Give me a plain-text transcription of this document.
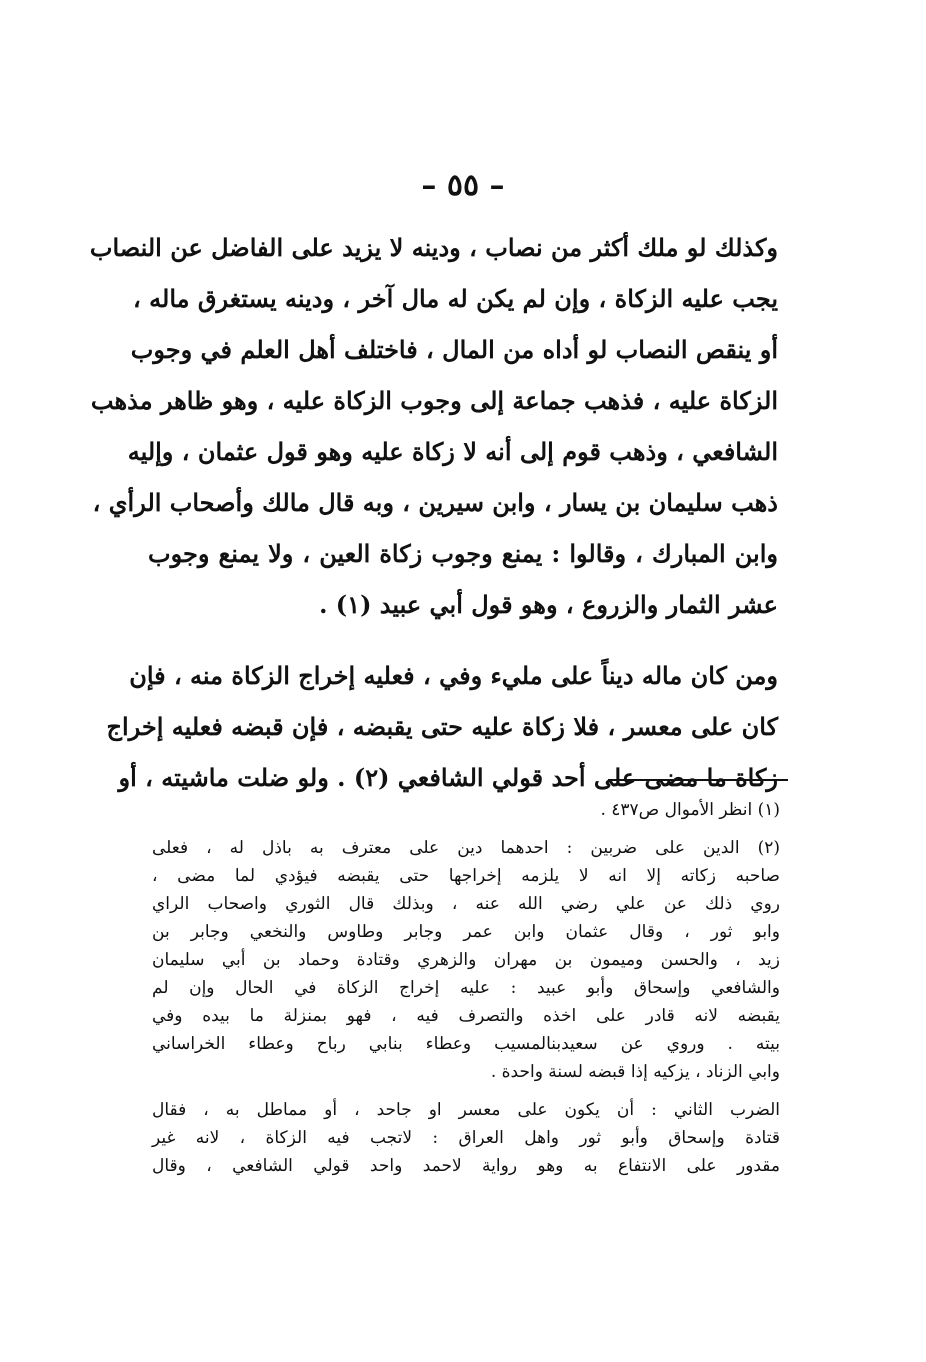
– ٥٥ –
وكذلك لو ملك أكثر من نصاب ، ودينه لا يزيد على الفاضل عن النصاب
يجب عليه الزكاة ، وإن لم يكن له مال آخر ، ودينه يستغرق ماله ،
أو ينقص النصاب لو أداه من المال ، فاختلف أهل العلم في وجوب
الزكاة عليه ، فذهب جماعة إلى وجوب الزكاة عليه ، وهو ظاهر مذهب
الشافعي ، وذهب قوم إلى أنه لا زكاة عليه وهو قول عثمان ، وإليه
ذهب سليمان بن يسار ، وابن سيرين ، وبه قال مالك وأصحاب الرأي ،
وابن المبارك ، وقالوا : يمنع وجوب زكاة العين ، ولا يمنع وجوب
عشر الثمار والزروع ، وهو قول أبي عبيد (١) .
ومن كان ماله ديناً على مليء وفي ، فعليه إخراج الزكاة منه ، فإن
كان على معسر ، فلا زكاة عليه حتى يقبضه ، فإن قبضه فعليه إخراج
زكاة ما مضى على أحد قولي الشافعي (٢) . ولو ضلت ماشيته ، أو
(١) انظر الأموال ص٤٣٧ .
(٢) الدين على ضربين : احدهما دين على معترف به باذل له ، فعلى
صاحبه زكاته إلا انه لا يلزمه إخراجها حتى يقبضه فيؤدي لما مضى ،
روي ذلك عن علي رضي الله عنه ، وبذلك قال الثوري واصحاب الراي
وابو ثور ، وقال عثمان وابن عمر وجابر وطاوس والنخعي وجابر بن
زيد ، والحسن وميمون بن مهران والزهري وقتادة وحماد بن أبي سليمان
والشافعي وإسحاق وأبو عبيد : عليه إخراج الزكاة في الحال وإن لم
يقبضه لانه قادر على اخذه والتصرف فيه ، فهو بمنزلة ما بيده وفي
بيته . وروي عن سعيدبنالمسيب وعطاء بنابي رباح وعطاء الخراساني
وابي الزناد ، يزكيه إذا قبضه لسنة واحدة .
الضرب الثاني : أن يكون على معسر او جاحد ، أو مماطل به ، فقال
قتادة وإسحاق وأبو ثور واهل العراق : لاتجب فيه الزكاة ، لانه غير
مقدور على الانتفاع به وهو رواية لاحمد واحد قولي الشافعي ، وقال
